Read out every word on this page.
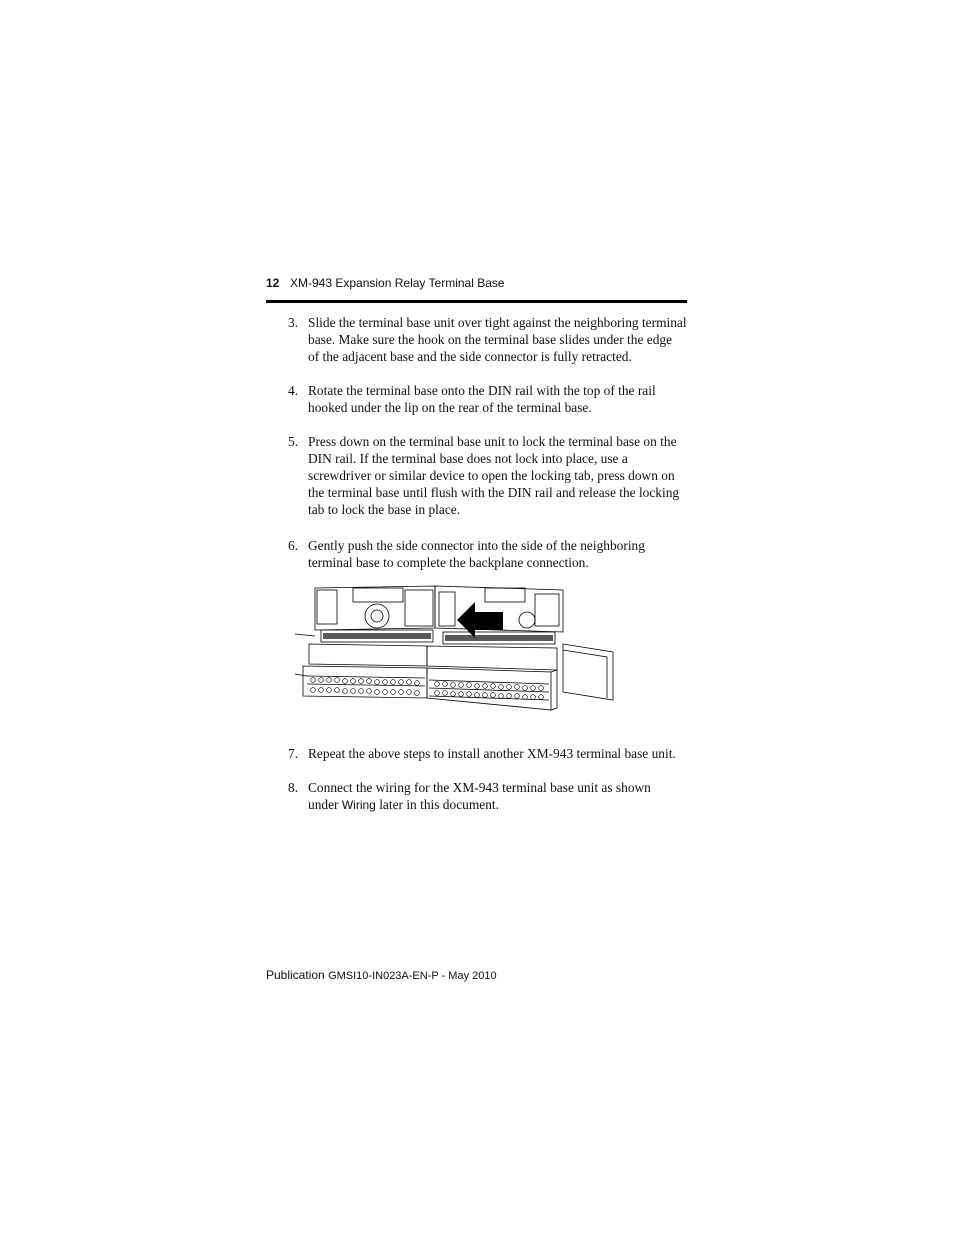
12 XM-943 Expansion Relay Terminal Base
3. Slide the terminal base unit over tight against the neighboring terminal
base. Make sure the hook on the terminal base slides under the edge
of the adjacent base and the side connector is fully retracted.
4. Rotate the terminal base onto the DIN rail with the top of the rail
hooked under the lip on the rear of the terminal base.
5. Press down on the terminal base unit to lock the terminal base on the
DIN rail. If the terminal base does not lock into place, use a
screwdriver or similar device to open the locking tab, press down on
the terminal base until flush with the DIN rail and release the locking
tab to lock the base in place.
6. Gently push the side connector into the side of the neighboring
terminal base to complete the backplane connection.
7. Repeat the above steps to install another XM-943 terminal base unit.
8. Connect the wiring for the XM-943 terminal base unit as shown
under Wiring later in this document.
Publication GMSI10-IN023A-EN-P - May 2010
